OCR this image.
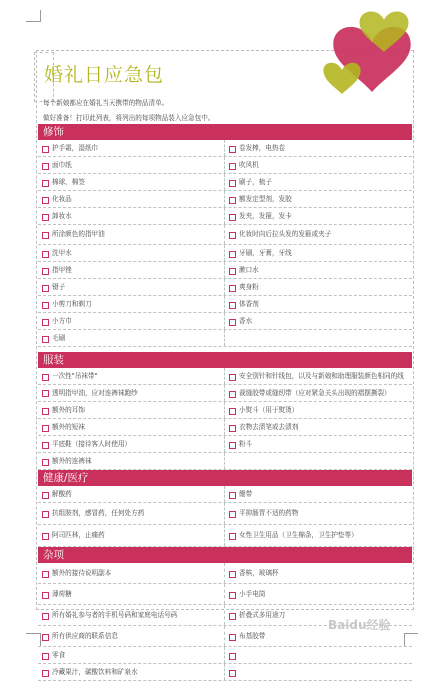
婚礼日应急包
每个新娘都应在婚礼当天携带的物品清单。
做好准备！打印此列表，将列出的每项物品装入应急包中。
修饰
护手霜，湿纸巾	卷发棒，电热卷
面巾纸	吹风机
棉球，棉签	刷子，梳子
化妆品	额发定型剂，发胶
卸妆水	发夹，发箍，发卡
所涂颜色的指甲油	化妆时向后拉头发的发箍或夹子
洗甲水	牙刷，牙膏，牙线
指甲锉	漱口水
镊子	爽身粉
小剪刀和剃刀	体香剂
小方巾	香水
毛刷
服装
一次性"吊袜带"	安全别针和针线包，以及与新娘和助理服装颜色相同的线
透明指甲油，应对连裤袜跑纱	裁缝胶带或缝纫带（应对紧急关头出现的褶摆撕裂）
额外的耳饰	小熨斗（用于熨烫）
额外的短袜	衣物去渍笔或去渍剂
平底鞋（接待客人时使用）	粉斗
额外的连裤袜
健康/医疗
解酸药	绷带
抗组胺剂，感冒药，任何处方药	平抑肠胃不适的药物
阿司匹林，止痛药	女性卫生用品（卫生棉条，卫生护垫等）
杂项
额外的接待说明副本	香槟，玻璃杯
薄荷糖	小手电筒
所有婚礼参与者的手机号码和家庭电话号码	折叠式多用途刀
所有供应商的联系信息	布基胶带
零食
冷藏果汁，碳酸饮料和矿泉水
Baidu经验
